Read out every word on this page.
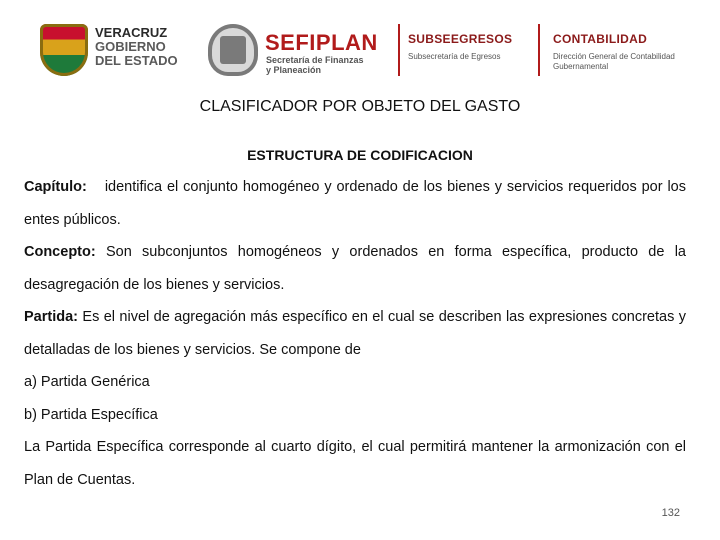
VERACRUZ
GOBIERNO
DEL ESTADO
SEFIPLAN
Secretaría de Finanzas
y Planeación
SUBSEEGRESOS
Subsecretaría de Egresos
CONTABILIDAD
Dirección General de Contabilidad
Gubernamental
CLASIFICADOR POR OBJETO DEL GASTO
ESTRUCTURA DE CODIFICACION

Capítulo: identifica el conjunto homogéneo y ordenado de los bienes y servicios requeridos por los entes públicos.

Concepto: Son subconjuntos homogéneos y ordenados en forma específica, producto de la desagregación de los bienes y servicios.

Partida: Es el nivel de agregación más específico en el cual se describen las expresiones concretas y detalladas de los bienes y servicios. Se compone de

a) Partida Genérica

b) Partida Específica

La Partida Específica corresponde al cuarto dígito, el cual permitirá mantener la armonización con el Plan de Cuentas.

132
